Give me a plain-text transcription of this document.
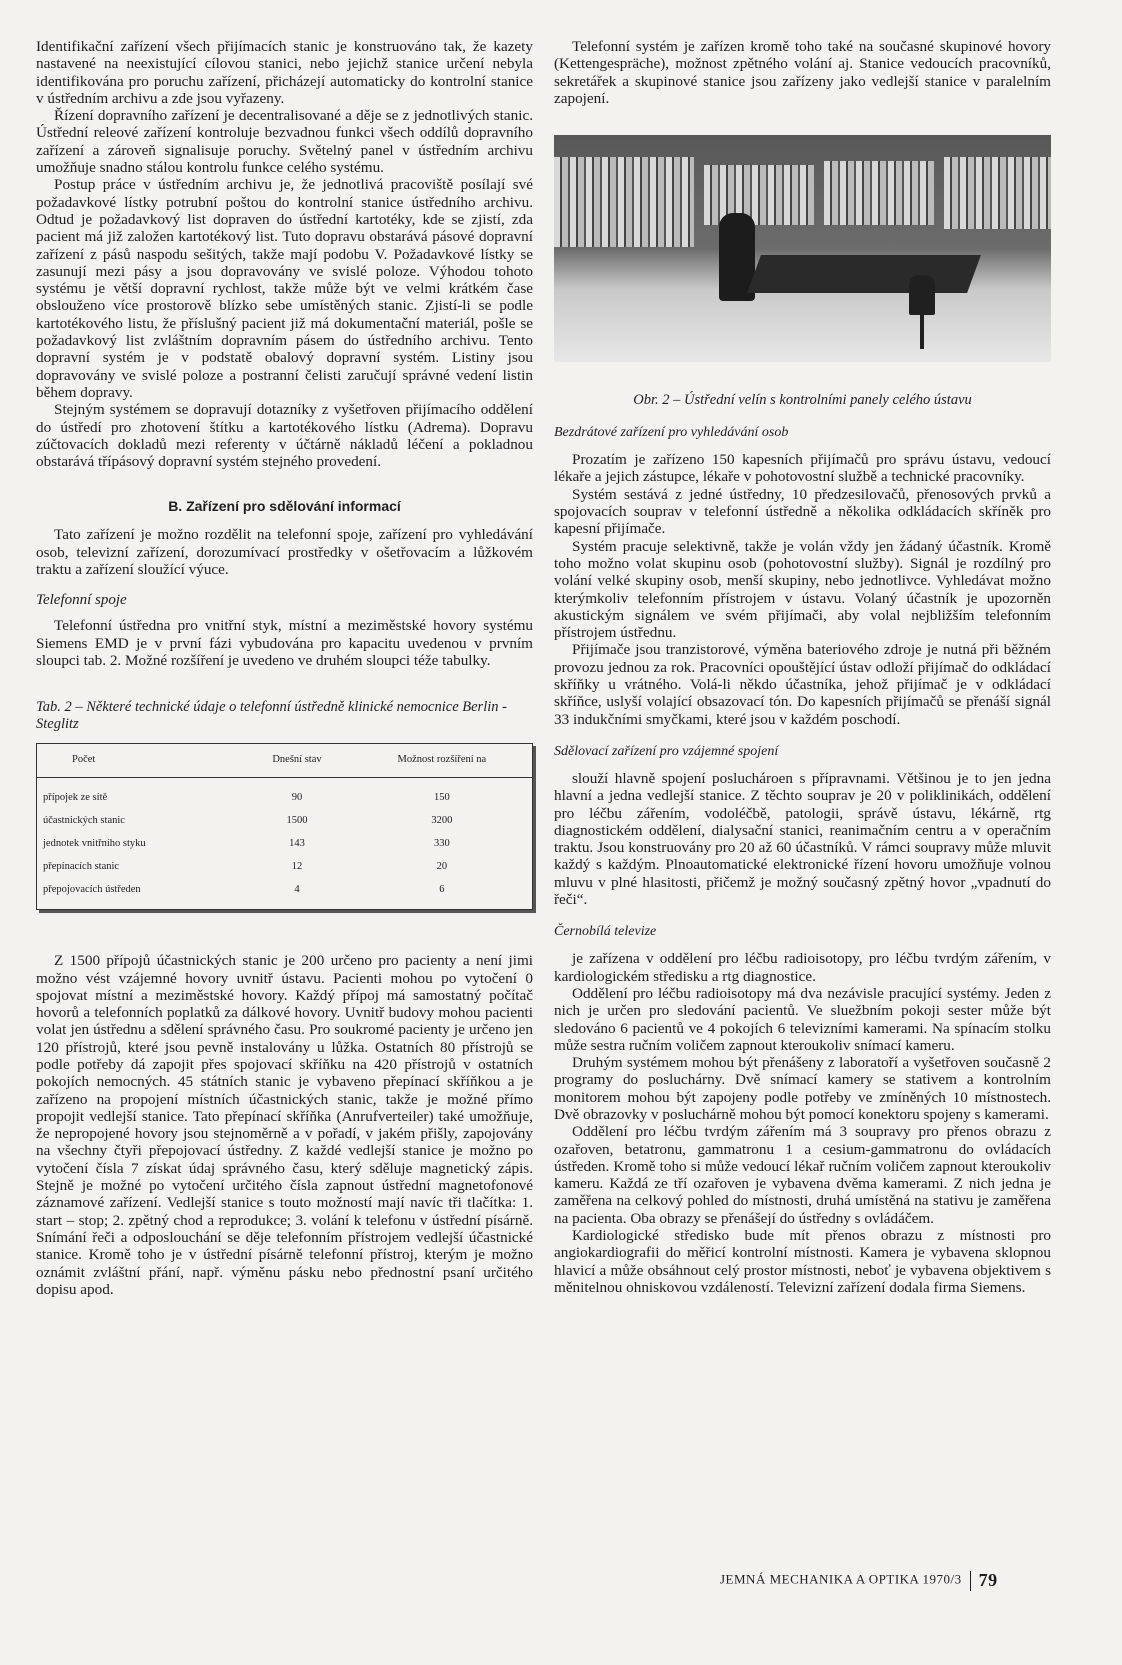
Identifikační zařízení všech přijímacích stanic je konstruováno tak, že kazety nastavené na neexistující cílovou stanici, nebo jejichž stanice určení nebyla identifikována pro poruchu zařízení, přicházejí automaticky do kontrolní stanice v ústředním archivu a zde jsou vyřazeny.

Řízení dopravního zařízení je decentralisované a děje se z jednotlivých stanic. Ústřední releové zařízení kontroluje bezvadnou funkci všech oddílů dopravního zařízení a zároveň signalisuje poruchy. Světelný panel v ústředním archivu umožňuje snadno stálou kontrolu funkce celého systému.

Postup práce v ústředním archivu je, že jednotlivá pracoviště posílají své požadavkové lístky potrubní poštou do kontrolní stanice ústředního archivu. Odtud je požadavkový list dopraven do ústřední kartotéky, kde se zjistí, zda pacient má již založen kartotékový list. Tuto dopravu obstarává pásové dopravní zařízení z pásů naspodu sešitých, takže mají podobu V. Požadavkové lístky se zasunují mezi pásy a jsou dopravovány ve svislé poloze. Výhodou tohoto systému je větší dopravní rychlost, takže může být ve velmi krátkém čase obslouženo více prostorově blízko sebe umístěných stanic. Zjistí-li se podle kartotékového listu, že příslušný pacient již má dokumentační materiál, pošle se požadavkový list zvláštním dopravním pásem do ústředního archivu. Tento dopravní systém je v podstatě obalový dopravní systém. Listiny jsou dopravovány ve svislé poloze a postranní čelisti zaručují správné vedení listin během dopravy.

Stejným systémem se dopravují dotazníky z vyšetřoven přijímacího oddělení do ústředí pro zhotovení štítku a kartotékového lístku (Adrema). Dopravu zúčtovacích dokladů mezi referenty v účtárně nákladů léčení a pokladnou obstarává třípásový dopravní systém stejného provedení.

B. Zařízení pro sdělování informací

Tato zařízení je možno rozdělit na telefonní spoje, zařízení pro vyhledávání osob, televizní zařízení, dorozumívací prostředky v ošetřovacím a lůžkovém traktu a zařízení sloužící výuce.

Telefonní spoje

Telefonní ústředna pro vnitřní styk, místní a meziměstské hovory systému Siemens EMD je v první fázi vybudována pro kapacitu uvedenou v prvním sloupci tab. 2. Možné rozšíření je uvedeno ve druhém sloupci téže tabulky.

Tab. 2 – Některé technické údaje o telefonní ústředně klinické nemocnice Berlin - Steglitz
Počet	Dnešní stav	Možnost rozšíření na
přípojek ze sítě	90	150
účastnických stanic	1500	3200
jednotek vnitřního styku	143	330
přepínacích stanic	12	20
přepojovacích ústředen	4	6

Z 1500 přípojů účastnických stanic je 200 určeno pro pacienty a není jimi možno vést vzájemné hovory uvnitř ústavu. Pacienti mohou po vytočení 0 spojovat místní a meziměstské hovory. Každý přípoj má samostatný počítač hovorů a telefonních poplatků za dálkové hovory. Uvnitř budovy mohou pacienti volat jen ústřednu a sdělení správného času. Pro soukromé pacienty je určeno jen 120 přístrojů, které jsou pevně instalovány u lůžka. Ostatních 80 přístrojů se podle potřeby dá zapojit přes spojovací skříňku na 420 přístrojů v ostatních pokojích nemocných. 45 státních stanic je vybaveno přepínací skříňkou a je zařízeno na propojení místních účastnických stanic, takže je možné přímo propojit vedlejší stanice. Tato přepínací skříňka (Anrufverteiler) také umožňuje, že nepropojené hovory jsou stejnoměrně a v pořadí, v jakém přišly, zapojovány na všechny čtyři přepojovací ústředny. Z každé vedlejší stanice je možno po vytočení čísla 7 získat údaj správného času, který sděluje magnetický zápis. Stejně je možné po vytočení určitého čísla zapnout ústřední magnetofonové záznamové zařízení. Vedlejší stanice s touto možností mají navíc tři tlačítka: 1. start – stop; 2. zpětný chod a reprodukce; 3. volání k telefonu v ústřední písárně. Snímání řeči a odposlouchání se děje telefonním přístrojem vedlejší účastnické stanice. Kromě toho je v ústřední písárně telefonní přístroj, kterým je možno oznámit zvláštní přání, např. výměnu pásku nebo přednostní psaní určitého dopisu apod.

Telefonní systém je zařízen kromě toho také na současné skupinové hovory (Kettengespräche), možnost zpětného volání aj. Stanice vedoucích pracovníků, sekretářek a skupinové stanice jsou zařízeny jako vedlejší stanice v paralelním zapojení.

Obr. 2 – Ústřední velín s kontrolními panely celého ústavu
Bezdrátové zařízení pro vyhledávání osob

Prozatím je zařízeno 150 kapesních přijímačů pro správu ústavu, vedoucí lékaře a jejich zástupce, lékaře v pohotovostní službě a technické pracovníky.

Systém sestává z jedné ústředny, 10 předzesilovačů, přenosových prvků a spojovacích souprav v telefonní ústředně a několika odkládacích skříněk pro kapesní přijímače.

Systém pracuje selektivně, takže je volán vždy jen žádaný účastník. Kromě toho možno volat skupinu osob (pohotovostní služby). Signál je rozdílný pro volání velké skupiny osob, menší skupiny, nebo jednotlivce. Vyhledávat možno kterýmkoliv telefonním přístrojem v ústavu. Volaný účastník je upozorněn akustickým signálem ve svém přijímači, aby volal nejbližším telefonním přístrojem ústřednu.

Přijímače jsou tranzistorové, výměna bateriového zdroje je nutná při běžném provozu jednou za rok. Pracovníci opouštějící ústav odloží přijímač do odkládací skříňky u vrátného. Volá-li někdo účastníka, jehož přijímač je v odkládací skříňce, uslyší volající obsazovací tón. Do kapesních přijímačů se přenáší signál 33 indukčními smyčkami, které jsou v každém poschodí.

Sdělovací zařízení pro vzájemné spojení

slouží hlavně spojení posluchároen s přípravnami. Většinou je to jen jedna hlavní a jedna vedlejší stanice. Z těchto souprav je 20 v poliklinikách, oddělení pro léčbu zářením, vodoléčbě, patologii, správě ústavu, lékárně, rtg diagnostickém oddělení, dialysační stanici, reanimačním centru a v operačním traktu. Jsou konstruovány pro 20 až 60 účastníků. V rámci soupravy může mluvit každý s každým. Plnoautomatické elektronické řízení hovoru umožňuje volnou mluvu v plné hlasitosti, přičemž je možný současný zpětný hovor „vpadnutí do řeči“.

Černobílá televize

je zařízena v oddělení pro léčbu radioisotopy, pro léčbu tvrdým zářením, v kardiologickém středisku a rtg diagnostice.

Oddělení pro léčbu radioisotopy má dva nezávisle pracující systémy. Jeden z nich je určen pro sledování pacientů. Ve sluežbním pokoji sester může být sledováno 6 pacientů ve 4 pokojích 6 televizními kamerami. Na spínacím stolku může sestra ručním voličem zapnout kteroukoliv snímací kameru.

Druhým systémem mohou být přenášeny z laboratoří a vyšetřoven současně 2 programy do posluchárny. Dvě snímací kamery se stativem a kontrolním monitorem mohou být zapojeny podle potřeby ve zmíněných 10 místnostech. Dvě obrazovky v posluchárně mohou být pomocí konektoru spojeny s kamerami.

Oddělení pro léčbu tvrdým zářením má 3 soupravy pro přenos obrazu z ozařoven, betatronu, gammatronu 1 a cesium-gammatronu do ovládacích ústředen. Kromě toho si může vedoucí lékař ručním voličem zapnout kteroukoliv kameru. Každá ze tří ozařoven je vybavena dvěma kamerami. Z nich jedna je zaměřena na celkový pohled do místnosti, druhá umístěná na stativu je zaměřena na pacienta. Oba obrazy se přenášejí do ústředny s ovládáčem.

Kardiologické středisko bude mít přenos obrazu z místnosti pro angiokardiografii do měřicí kontrolní místnosti. Kamera je vybavena sklopnou hlavicí a může obsáhnout celý prostor místnosti, neboť je vybavena objektivem s měnitelnou ohniskovou vzdáleností. Televizní zařízení dodala firma Siemens.

JEMNÁ MECHANIKA A OPTIKA 1970/3 79
